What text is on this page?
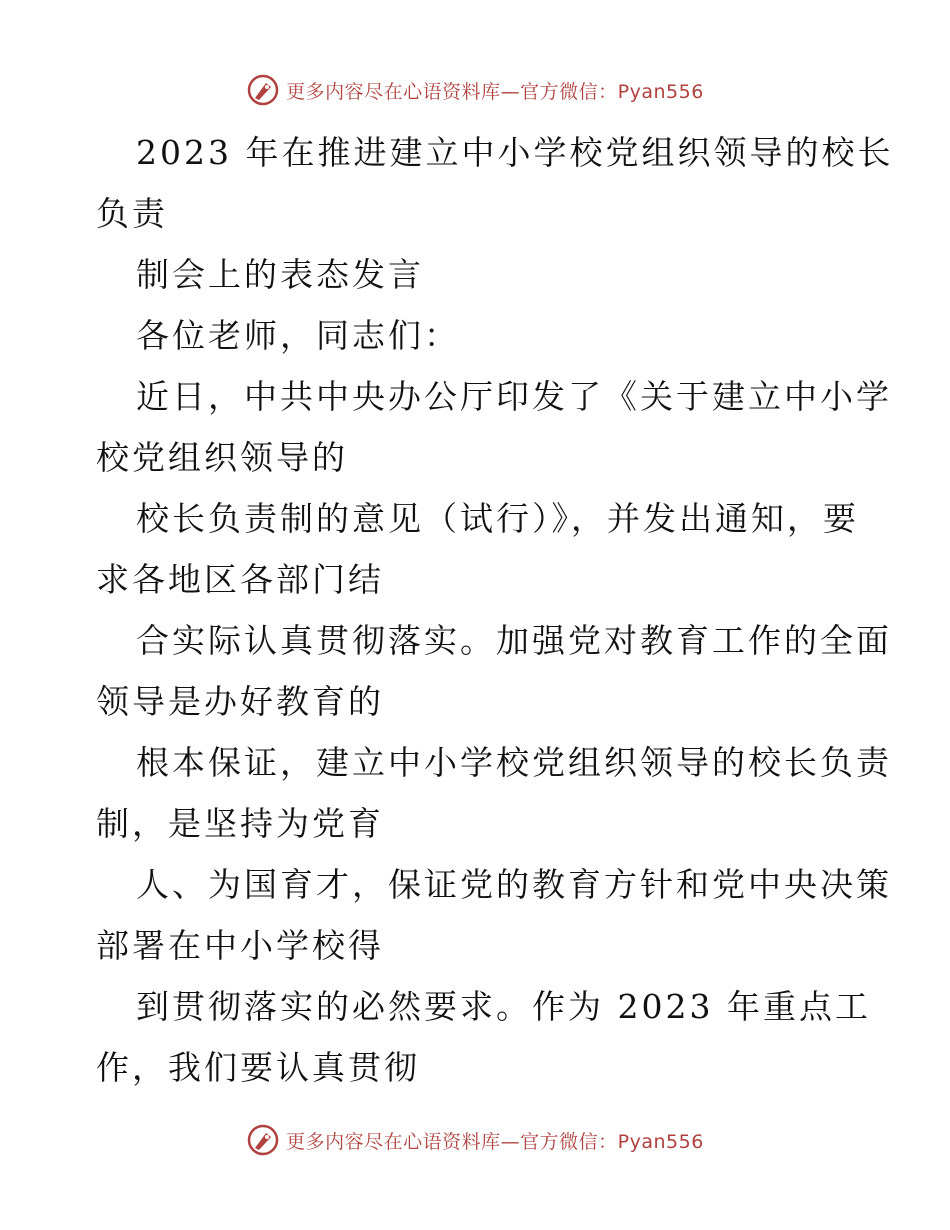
更多内容尽在心语资料库—官方微信：Pyan556
2023 年在推进建立中小学校党组织领导的校长
负责
制会上的表态发言
各位老师，同志们：
近日，中共中央办公厅印发了《关于建立中小学
校党组织领导的
校长负责制的意见（试行）》，并发出通知，要
求各地区各部门结
合实际认真贯彻落实。加强党对教育工作的全面
领导是办好教育的
根本保证，建立中小学校党组织领导的校长负责
制，是坚持为党育
人、为国育才，保证党的教育方针和党中央决策
部署在中小学校得
到贯彻落实的必然要求。作为 2023 年重点工
作，我们要认真贯彻
更多内容尽在心语资料库—官方微信：Pyan556
